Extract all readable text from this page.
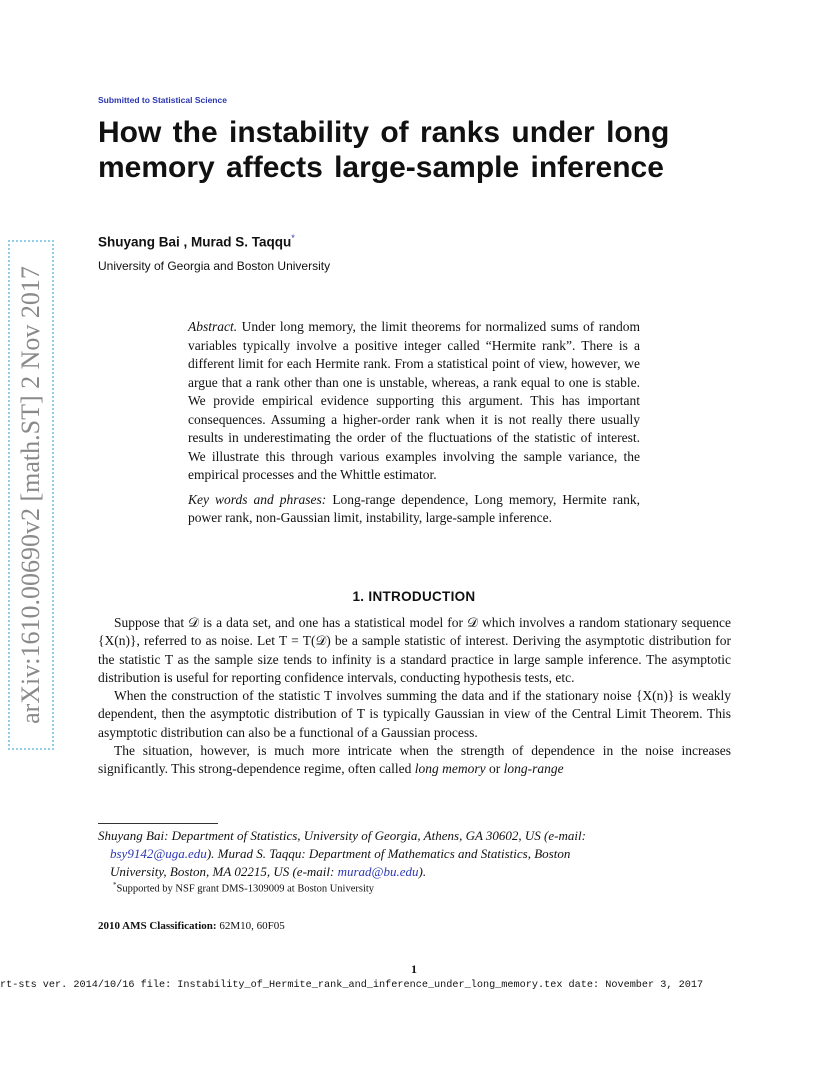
arXiv:1610.00690v2 [math.ST] 2 Nov 2017
Submitted to Statistical Science
How the instability of ranks under long memory affects large-sample inference
Shuyang Bai , Murad S. Taqqu*
University of Georgia and Boston University

Abstract. Under long memory, the limit theorems for normalized sums of random variables typically involve a positive integer called “Hermite rank”. There is a different limit for each Hermite rank. From a statistical point of view, however, we argue that a rank other than one is unstable, whereas, a rank equal to one is stable. We provide empirical evidence supporting this argument. This has important consequences. Assuming a higher-order rank when it is not really there usually results in underestimating the order of the fluctuations of the statistic of interest. We illustrate this through various examples involving the sample variance, the empirical processes and the Whittle estimator.

Key words and phrases: Long-range dependence, Long memory, Hermite rank, power rank, non-Gaussian limit, instability, large-sample inference.

1. INTRODUCTION

Suppose that 𝒟 is a data set, and one has a statistical model for 𝒟 which involves a random stationary sequence {X(n)}, referred to as noise. Let T = T(𝒟) be a sample statistic of interest. Deriving the asymptotic distribution for the statistic T as the sample size tends to infinity is a standard practice in large sample inference. The asymptotic distribution is useful for reporting confidence intervals, conducting hypothesis tests, etc.

When the construction of the statistic T involves summing the data and if the stationary noise {X(n)} is weakly dependent, then the asymptotic distribution of T is typically Gaussian in view of the Central Limit Theorem. This asymptotic distribution can also be a functional of a Gaussian process.

The situation, however, is much more intricate when the strength of dependence in the noise increases significantly. This strong-dependence regime, often called long memory or long-range

Shuyang Bai: Department of Statistics, University of Georgia, Athens, GA 30602, US (e-mail:
bsy9142@uga.edu). Murad S. Taqqu: Department of Mathematics and Statistics, Boston
University, Boston, MA 02215, US (e-mail: murad@bu.edu).
*Supported by NSF grant DMS-1309009 at Boston University
2010 AMS Classification: 62M10, 60F05
1
rt-sts ver. 2014/10/16 file: Instability_of_Hermite_rank_and_inference_under_long_memory.tex date: November 3, 2017
